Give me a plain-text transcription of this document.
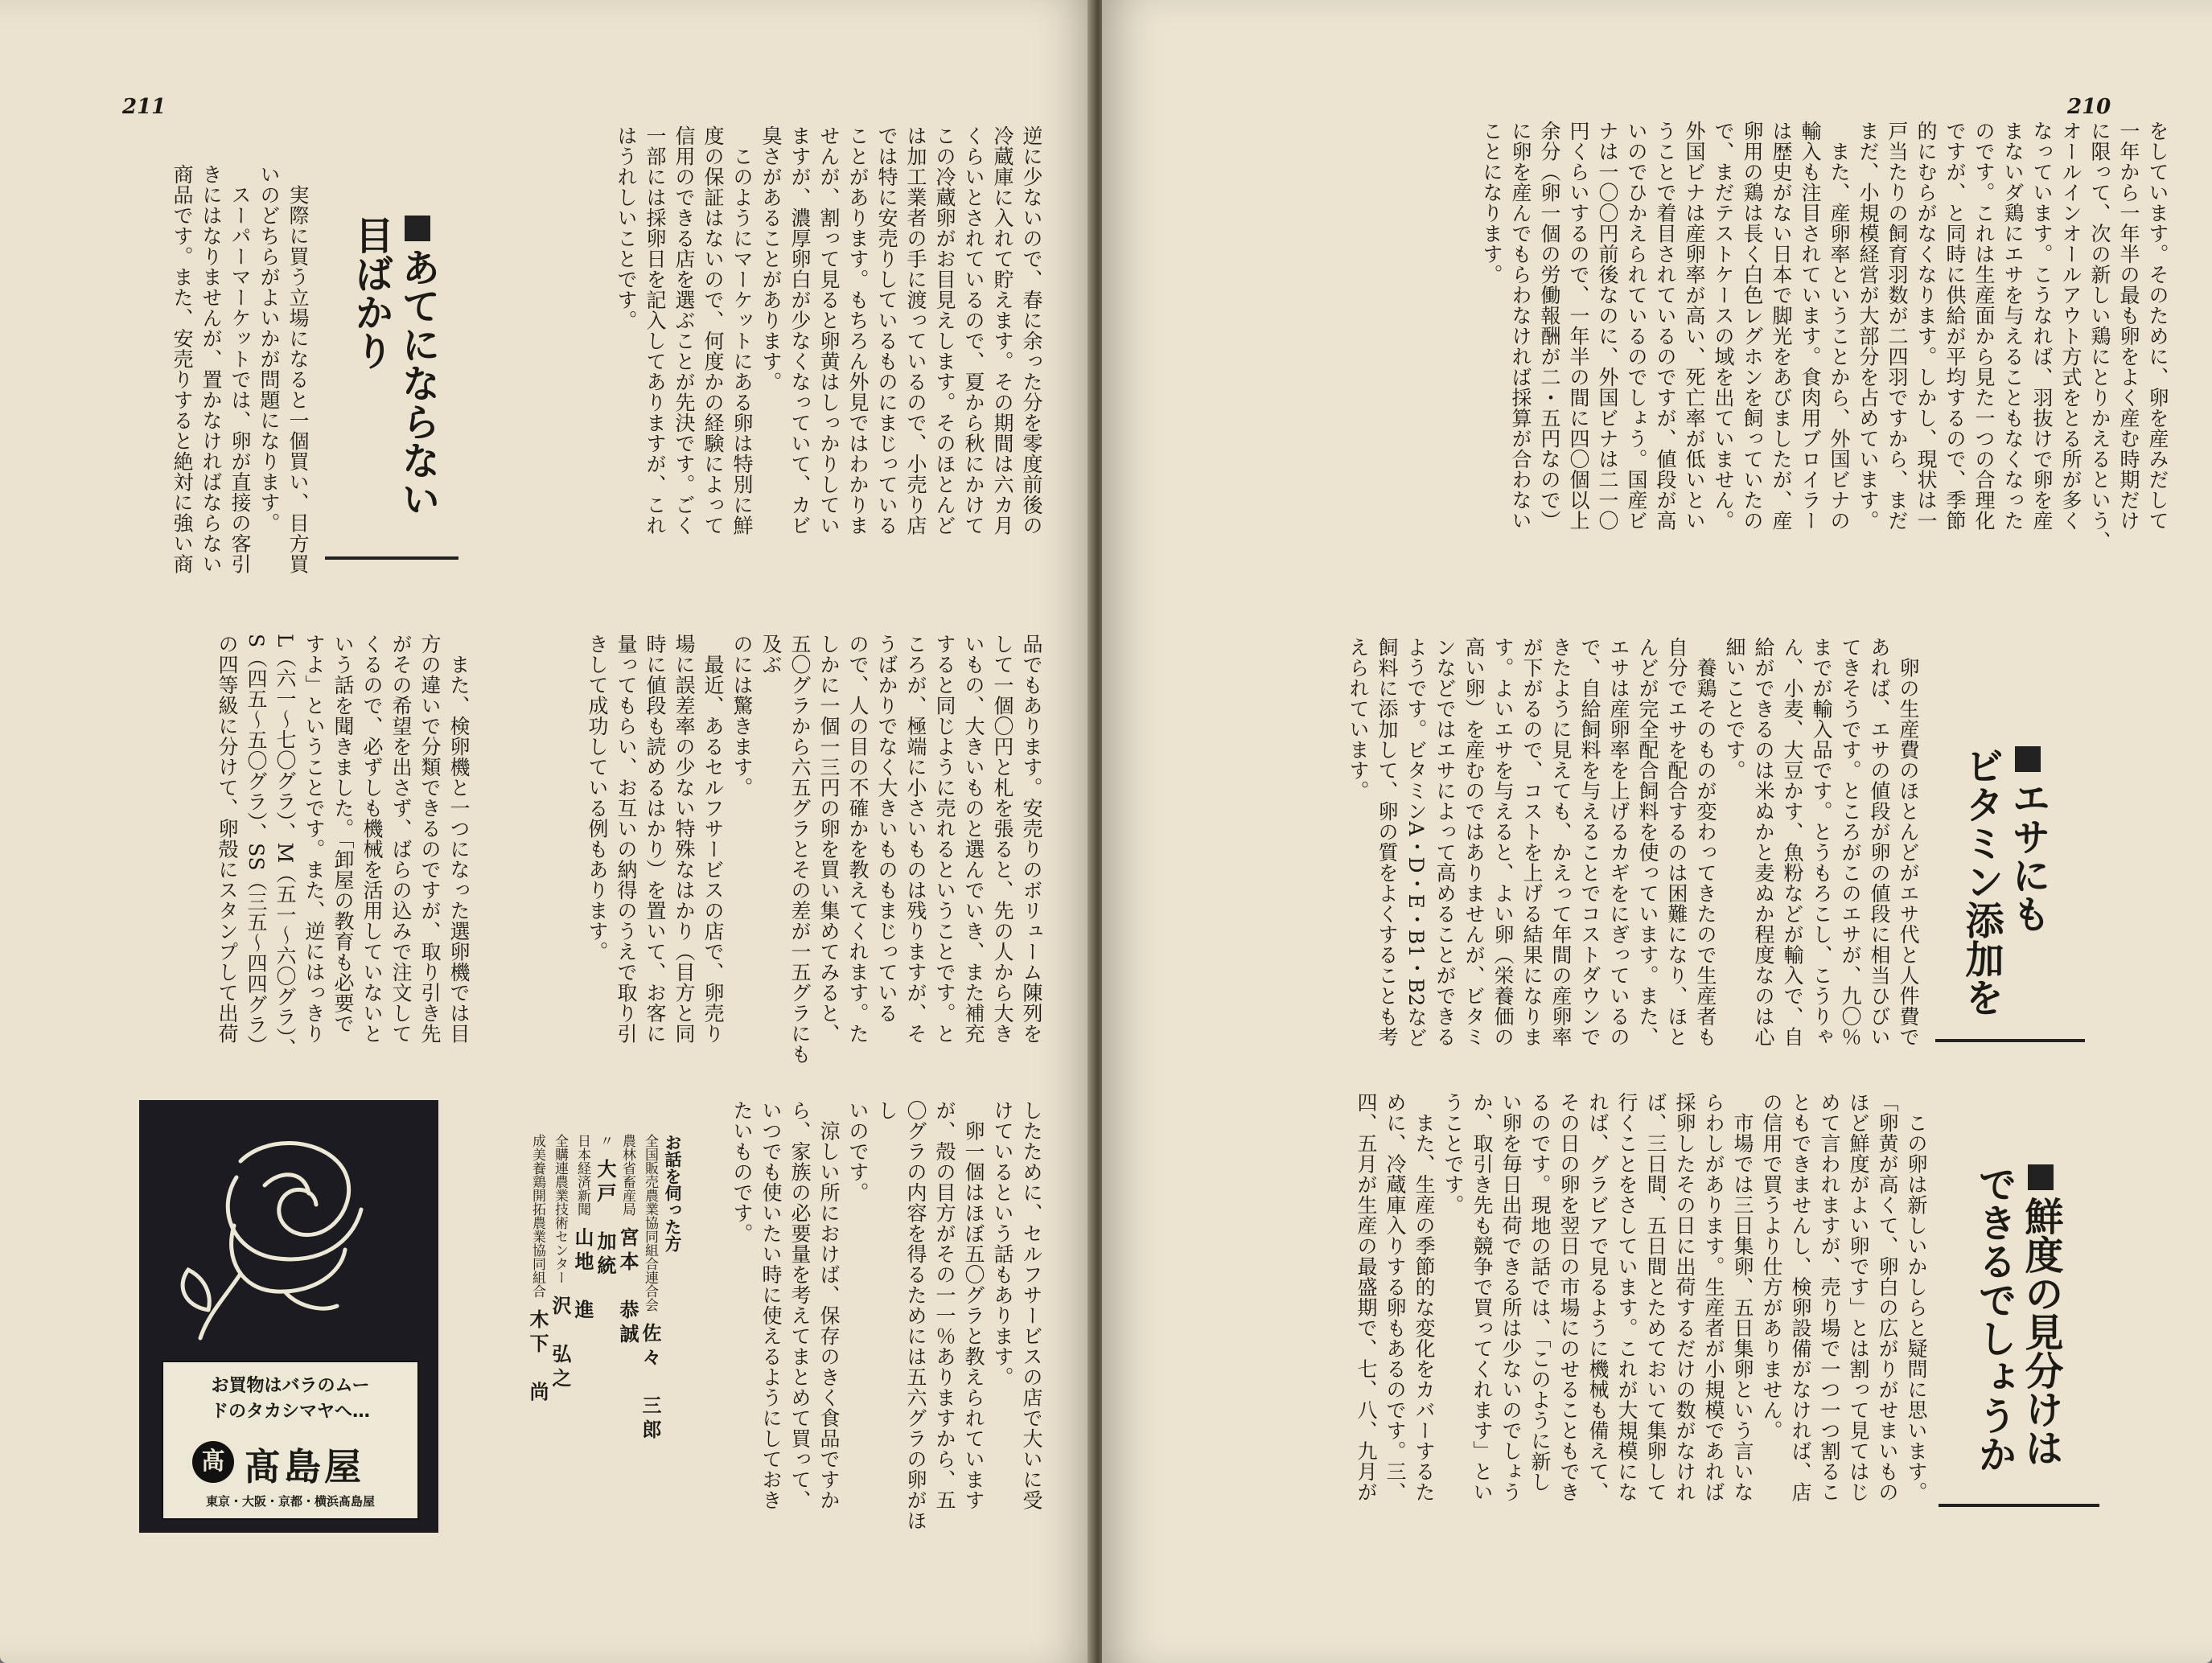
211
逆に少ないので、春に余った分を零度前後の
冷蔵庫に入れて貯えます。その期間は六カ月
くらいとされているので、夏から秋にかけて
この冷蔵卵がお目見えします。そのほとんど
は加工業者の手に渡っているので、小売り店
では特に安売りしているものにまじっている
ことがあります。もちろん外見ではわかりま
せんが、割って見ると卵黄はしっかりしてい
ますが、濃厚卵白が少なくなっていて、カビ
臭さがあることがあります。
　このようにマーケットにある卵は特別に鮮
度の保証はないので、何度かの経験によって
信用のできる店を選ぶことが先決です。ごく
一部には採卵日を記入してありますが、これ
はうれしいことです。
あてにならない
目ばかり
　実際に買う立場になると一個買い、目方買
いのどちらがよいかが問題になります。
　スーパーマーケットでは、卵が直接の客引
きにはなりませんが、置かなければならない
商品です。また、安売りすると絶対に強い商
品でもあります。安売りのボリューム陳列を
して一個〇円と札を張ると、先の人から大き
いもの、大きいものと選んでいき、また補充
すると同じように売れるということです。と
ころが、極端に小さいものは残りますが、そ
うばかりでなく大きいものもまじっている
ので、人の目の不確かを教えてくれます。た
しかに一個一三円の卵を買い集めてみると、
五〇グラから六五グラとその差が一五グラにも及ぶ
のには驚きます。
　最近、あるセルフサービスの店で、卵売り
場に誤差率の少ない特殊なはかり（目方と同
時に値段も読めるはかり）を置いて、お客に
量ってもらい、お互いの納得のうえで取り引
きして成功している例もあります。
　また、検卵機と一つになった選卵機では目
方の違いで分類できるのですが、取り引き先
がその希望を出さず、ばらの込みで注文して
くるので、必ずしも機械を活用していないと
いう話を聞きました。「卸屋の教育も必要で
すよ」ということです。また、逆にはっきり
L（六一〜七〇グラ）、M（五一〜六〇グラ）、
S（四五〜五〇グラ）、SS（三五〜四四グラ）
の四等級に分けて、卵殻にスタンプして出荷
したために、セルフサービスの店で大いに受
けているという話もあります。
　卵一個はほぼ五〇グラと教えられています
が、殻の目方がその一一％ありますから、五
〇グラの内容を得るためには五六グラの卵がほし
いのです。
　涼しい所におけば、保存のきく食品ですか
ら、家族の必要量を考えてまとめて買って、
いつでも使いたい時に使えるようにしておき
たいものです。
お話を伺った方
全国販売農業協同組合連合会佐々　三郎
農林省畜産局宮本　恭誠
〃大戸　加統
日本経済新聞山地　進
全購連農業技術センター沢　弘之
成美養鶏開拓農業協同組合木下　尚
お買物はバラのムー
ドのタカシマヤへ…
髙 髙島屋
東京・大阪・京都・横浜髙島屋
210
をしています。そのために、卵を産みだして
一年から一年半の最も卵をよく産む時期だけ
に限って、次の新しい鶏にとりかえるという、
オールインオールアウト方式をとる所が多く
なっています。こうなれば、羽抜けで卵を産
まないダ鶏にエサを与えることもなくなった
のです。これは生産面から見た一つの合理化
ですが、と同時に供給が平均するので、季節
的にむらがなくなります。しかし、現状は一
戸当たりの飼育羽数が二四羽ですから、まだ
まだ、小規模経営が大部分を占めています。
　また、産卵率ということから、外国ビナの
輸入も注目されています。食肉用ブロイラー
は歴史がない日本で脚光をあびましたが、産
卵用の鶏は長く白色レグホンを飼っていたの
で、まだテストケースの域を出ていません。
外国ビナは産卵率が高い、死亡率が低いとい
うことで着目されているのですが、値段が高
いのでひかえられているのでしょう。国産ビ
ナは一〇〇円前後なのに、外国ビナは二一〇
円くらいするので、一年半の間に四〇個以上
余分（卵一個の労働報酬が二・五円なので）
に卵を産んでもらわなければ採算が合わない
ことになります。
エサにも
ビタミン添加を
　卵の生産費のほとんどがエサ代と人件費で
あれば、エサの値段が卵の値段に相当ひびい
てきそうです。ところがこのエサが、九〇％
までが輸入品です。とうもろこし、こうりゃ
ん、小麦、大豆かす、魚粉などが輸入で、自
給ができるのは米ぬかと麦ぬか程度なのは心
細いことです。
　養鶏そのものが変わってきたので生産者も
自分でエサを配合するのは困難になり、ほと
んどが完全配合飼料を使っています。また、
エサは産卵率を上げるカギをにぎっているの
で、自給飼料を与えることでコストダウンで
きたように見えても、かえって年間の産卵率
が下がるので、コストを上げる結果になりま
す。よいエサを与えると、よい卵（栄養価の
高い卵）を産むのではありませんが、ビタミ
ンなどではエサによって高めることができる
ようです。ビタミンA・D・E・B1・B2など
飼料に添加して、卵の質をよくすることも考
えられています。
鮮度の見分けは
できるでしょうか
　この卵は新しいかしらと疑問に思います。
「卵黄が高くて、卵白の広がりがせまいもの
ほど鮮度がよい卵です」とは割って見てはじ
めて言われますが、売り場で一つ一つ割るこ
ともできませんし、検卵設備がなければ、店
の信用で買うより仕方がありません。
　市場では三日集卵、五日集卵という言いな
らわしがあります。生産者が小規模であれば
採卵したその日に出荷するだけの数がなけれ
ば、三日間、五日間とためておいて集卵して
行くことをさしています。これが大規模にな
れば、グラビアで見るように機械も備えて、
その日の卵を翌日の市場にのせることもでき
るのです。現地の話では、「このように新し
い卵を毎日出荷できる所は少ないのでしょう
か、取引き先も競争で買ってくれます」とい
うことです。
　また、生産の季節的な変化をカバーするた
めに、冷蔵庫入りする卵もあるのです。三、
四、五月が生産の最盛期で、七、八、九月が
